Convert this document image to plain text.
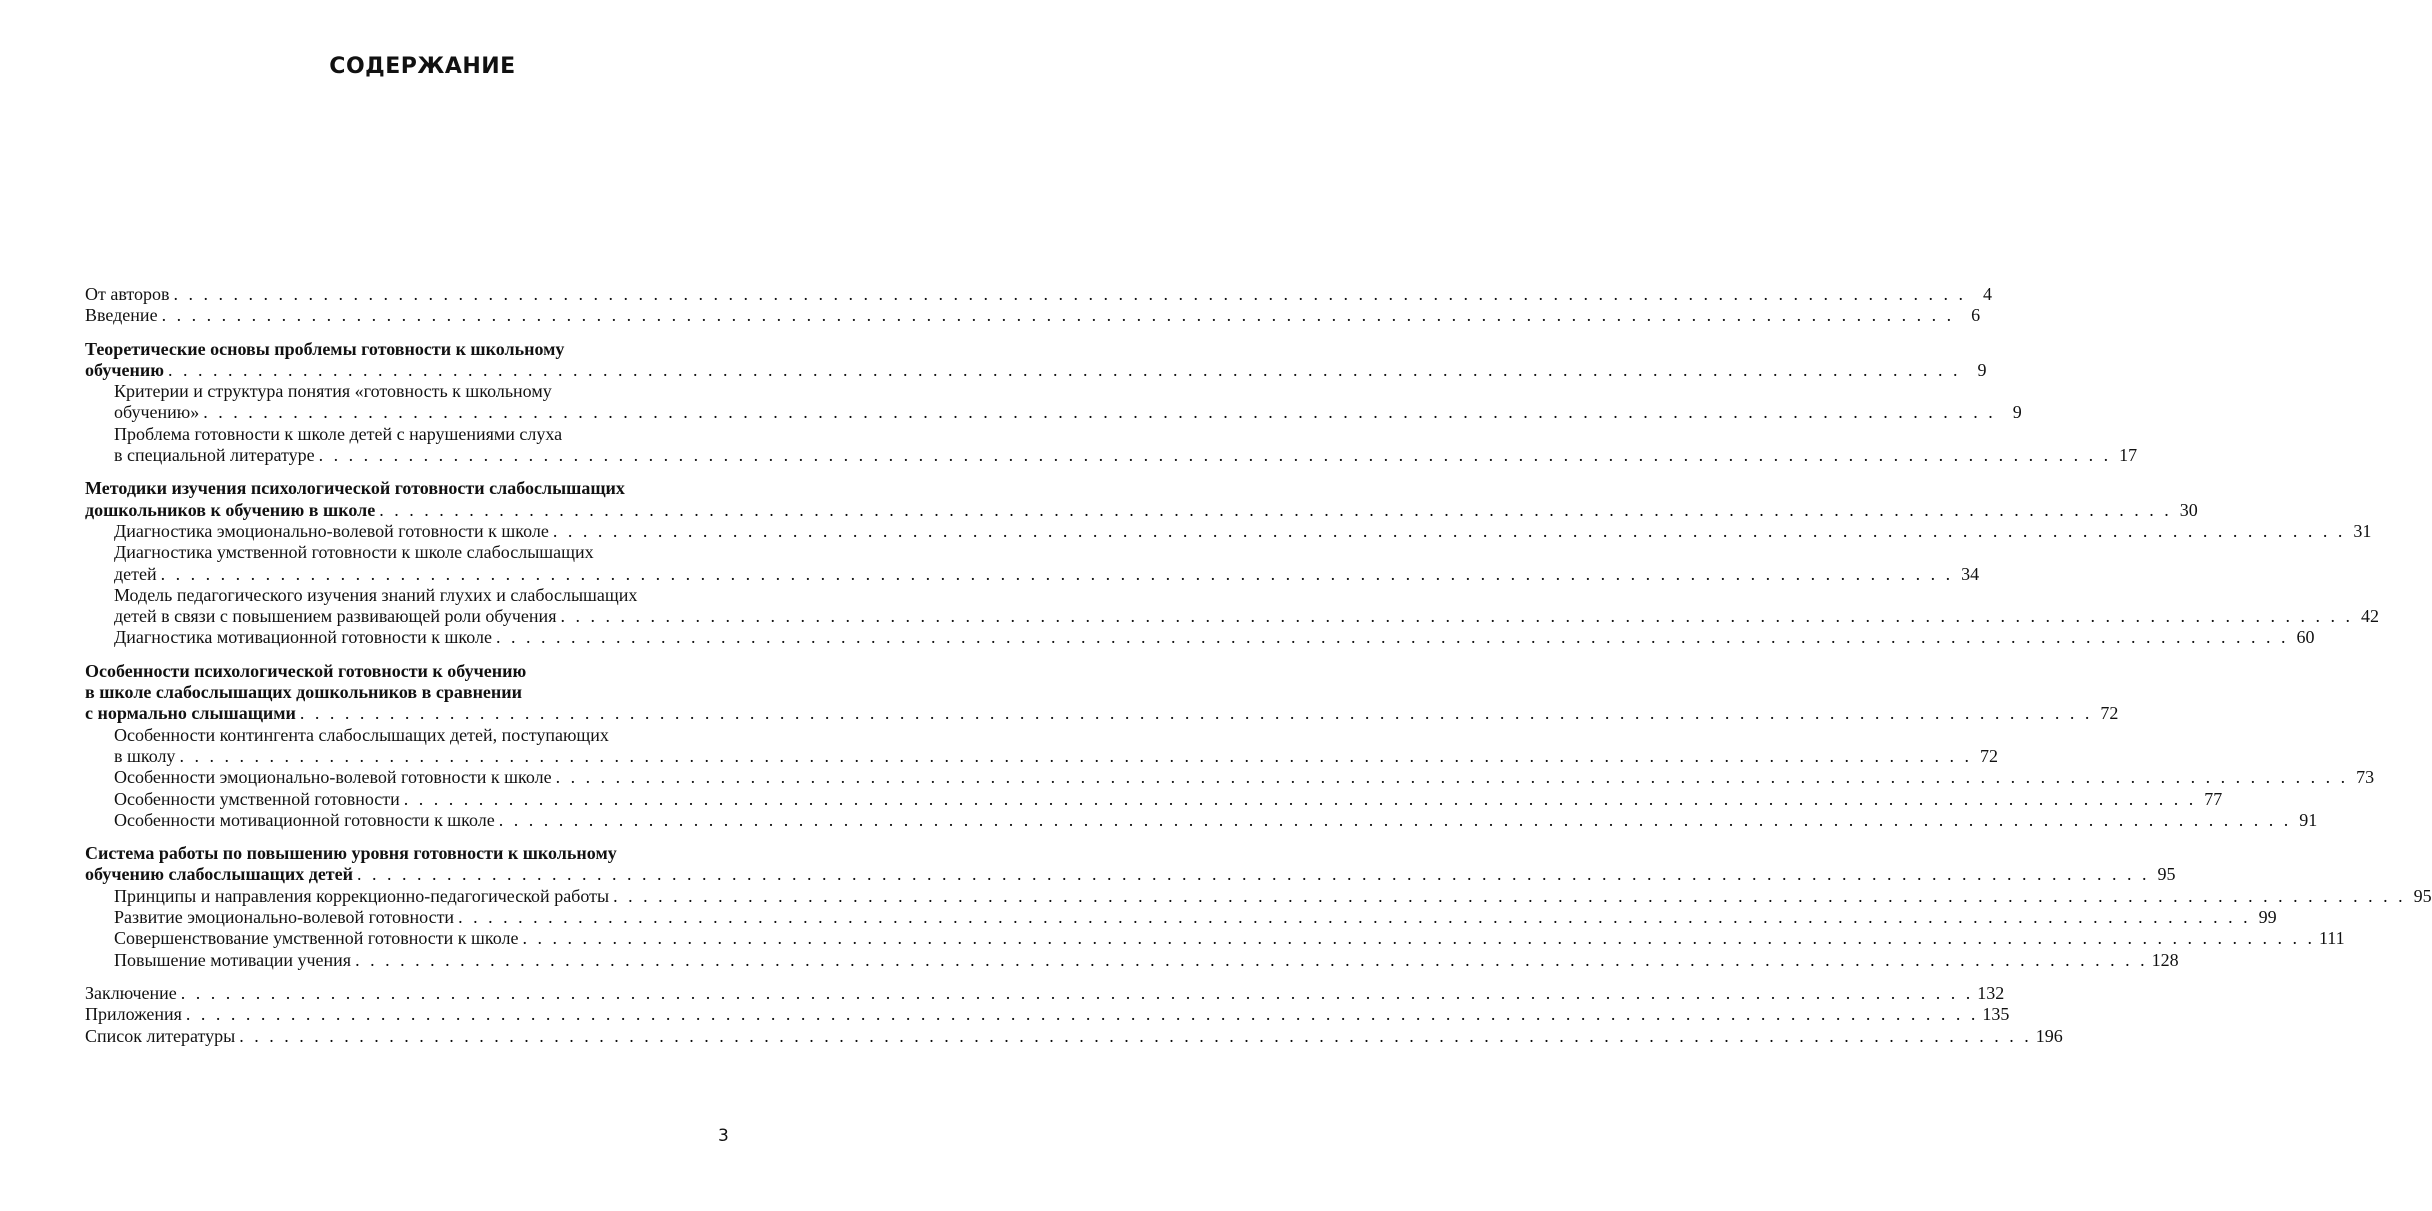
СОДЕРЖАНИЕ
От авторов . . . . . . . . . . . . . . . . . . . . . . . . . . . . . . . . . . . . . . . . . . . . . . . . . . . . . . . . . . . . . . . . . . . . . . . . . . . . . . . . . . . . . . . . . . . . . . . . . . . . . . . . . . . . . . . . . . . . . . . . 4
Введение . . . . . . . . . . . . . . . . . . . . . . . . . . . . . . . . . . . . . . . . . . . . . . . . . . . . . . . . . . . . . . . . . . . . . . . . . . . . . . . . . . . . . . . . . . . . . . . . . . . . . . . . . . . . . . . . . . . . . . . . 6
Теоретические основы проблемы готовности к школьному
обучению . . . . . . . . . . . . . . . . . . . . . . . . . . . . . . . . . . . . . . . . . . . . . . . . . . . . . . . . . . . . . . . . . . . . . . . . . . . . . . . . . . . . . . . . . . . . . . . . . . . . . . . . . . . . . . . . . . . . . . . . 9
Критерии и структура понятия «готовность к школьному
обучению» . . . . . . . . . . . . . . . . . . . . . . . . . . . . . . . . . . . . . . . . . . . . . . . . . . . . . . . . . . . . . . . . . . . . . . . . . . . . . . . . . . . . . . . . . . . . . . . . . . . . . . . . . . . . . . . . . . . . . . . . 9
Проблема готовности к школе детей с нарушениями слуха
в специальной литературе . . . . . . . . . . . . . . . . . . . . . . . . . . . . . . . . . . . . . . . . . . . . . . . . . . . . . . . . . . . . . . . . . . . . . . . . . . . . . . . . . . . . . . . . . . . . . . . . . . . . . . . . . . . . . . . . . . . . . . . . 17
Методики изучения психологической готовности слабослышащих
дошкольников к обучению в школе . . . . . . . . . . . . . . . . . . . . . . . . . . . . . . . . . . . . . . . . . . . . . . . . . . . . . . . . . . . . . . . . . . . . . . . . . . . . . . . . . . . . . . . . . . . . . . . . . . . . . . . . . . . . . . . . . . . . . . . . 30
Диагностика эмоционально-волевой готовности к школе . . . . . . . . . . . . . . . . . . . . . . . . . . . . . . . . . . . . . . . . . . . . . . . . . . . . . . . . . . . . . . . . . . . . . . . . . . . . . . . . . . . . . . . . . . . . . . . . . . . . . . . . . . . . . . . . . . . . . . . . 31
Диагностика умственной готовности к школе слабослышащих
детей . . . . . . . . . . . . . . . . . . . . . . . . . . . . . . . . . . . . . . . . . . . . . . . . . . . . . . . . . . . . . . . . . . . . . . . . . . . . . . . . . . . . . . . . . . . . . . . . . . . . . . . . . . . . . . . . . . . . . . . . 34
Модель педагогического изучения знаний глухих и слабослышащих
детей в связи с повышением развивающей роли обучения . . . . . . . . . . . . . . . . . . . . . . . . . . . . . . . . . . . . . . . . . . . . . . . . . . . . . . . . . . . . . . . . . . . . . . . . . . . . . . . . . . . . . . . . . . . . . . . . . . . . . . . . . . . . . . . . . . . . . . . . 42
Диагностика мотивационной готовности к школе . . . . . . . . . . . . . . . . . . . . . . . . . . . . . . . . . . . . . . . . . . . . . . . . . . . . . . . . . . . . . . . . . . . . . . . . . . . . . . . . . . . . . . . . . . . . . . . . . . . . . . . . . . . . . . . . . . . . . . . . 60
Особенности психологической готовности к обучению
в школе слабослышащих дошкольников в сравнении
с нормально слышащими . . . . . . . . . . . . . . . . . . . . . . . . . . . . . . . . . . . . . . . . . . . . . . . . . . . . . . . . . . . . . . . . . . . . . . . . . . . . . . . . . . . . . . . . . . . . . . . . . . . . . . . . . . . . . . . . . . . . . . . . 72
Особенности контингента слабослышащих детей, поступающих
в школу . . . . . . . . . . . . . . . . . . . . . . . . . . . . . . . . . . . . . . . . . . . . . . . . . . . . . . . . . . . . . . . . . . . . . . . . . . . . . . . . . . . . . . . . . . . . . . . . . . . . . . . . . . . . . . . . . . . . . . . . 72
Особенности эмоционально-волевой готовности к школе . . . . . . . . . . . . . . . . . . . . . . . . . . . . . . . . . . . . . . . . . . . . . . . . . . . . . . . . . . . . . . . . . . . . . . . . . . . . . . . . . . . . . . . . . . . . . . . . . . . . . . . . . . . . . . . . . . . . . . . . 73
Особенности умственной готовности . . . . . . . . . . . . . . . . . . . . . . . . . . . . . . . . . . . . . . . . . . . . . . . . . . . . . . . . . . . . . . . . . . . . . . . . . . . . . . . . . . . . . . . . . . . . . . . . . . . . . . . . . . . . . . . . . . . . . . . . 77
Особенности мотивационной готовности к школе . . . . . . . . . . . . . . . . . . . . . . . . . . . . . . . . . . . . . . . . . . . . . . . . . . . . . . . . . . . . . . . . . . . . . . . . . . . . . . . . . . . . . . . . . . . . . . . . . . . . . . . . . . . . . . . . . . . . . . . . 91
Система работы по повышению уровня готовности к школьному
обучению слабослышащих детей . . . . . . . . . . . . . . . . . . . . . . . . . . . . . . . . . . . . . . . . . . . . . . . . . . . . . . . . . . . . . . . . . . . . . . . . . . . . . . . . . . . . . . . . . . . . . . . . . . . . . . . . . . . . . . . . . . . . . . . . 95
Принципы и направления коррекционно-педагогической работы . . . . . . . . . . . . . . . . . . . . . . . . . . . . . . . . . . . . . . . . . . . . . . . . . . . . . . . . . . . . . . . . . . . . . . . . . . . . . . . . . . . . . . . . . . . . . . . . . . . . . . . . . . . . . . . . . . . . . . . . 95
Развитие эмоционально-волевой готовности . . . . . . . . . . . . . . . . . . . . . . . . . . . . . . . . . . . . . . . . . . . . . . . . . . . . . . . . . . . . . . . . . . . . . . . . . . . . . . . . . . . . . . . . . . . . . . . . . . . . . . . . . . . . . . . . . . . . . . . . 99
Совершенствование умственной готовности к школе . . . . . . . . . . . . . . . . . . . . . . . . . . . . . . . . . . . . . . . . . . . . . . . . . . . . . . . . . . . . . . . . . . . . . . . . . . . . . . . . . . . . . . . . . . . . . . . . . . . . . . . . . . . . . . . . . . . . . . . . 111
Повышение мотивации учения . . . . . . . . . . . . . . . . . . . . . . . . . . . . . . . . . . . . . . . . . . . . . . . . . . . . . . . . . . . . . . . . . . . . . . . . . . . . . . . . . . . . . . . . . . . . . . . . . . . . . . . . . . . . . . . . . . . . . . . . 128
Заключение . . . . . . . . . . . . . . . . . . . . . . . . . . . . . . . . . . . . . . . . . . . . . . . . . . . . . . . . . . . . . . . . . . . . . . . . . . . . . . . . . . . . . . . . . . . . . . . . . . . . . . . . . . . . . . . . . . . . . . . . 132
Приложения . . . . . . . . . . . . . . . . . . . . . . . . . . . . . . . . . . . . . . . . . . . . . . . . . . . . . . . . . . . . . . . . . . . . . . . . . . . . . . . . . . . . . . . . . . . . . . . . . . . . . . . . . . . . . . . . . . . . . . . . 135
Список литературы . . . . . . . . . . . . . . . . . . . . . . . . . . . . . . . . . . . . . . . . . . . . . . . . . . . . . . . . . . . . . . . . . . . . . . . . . . . . . . . . . . . . . . . . . . . . . . . . . . . . . . . . . . . . . . . . . . . . . . . . 196
3
